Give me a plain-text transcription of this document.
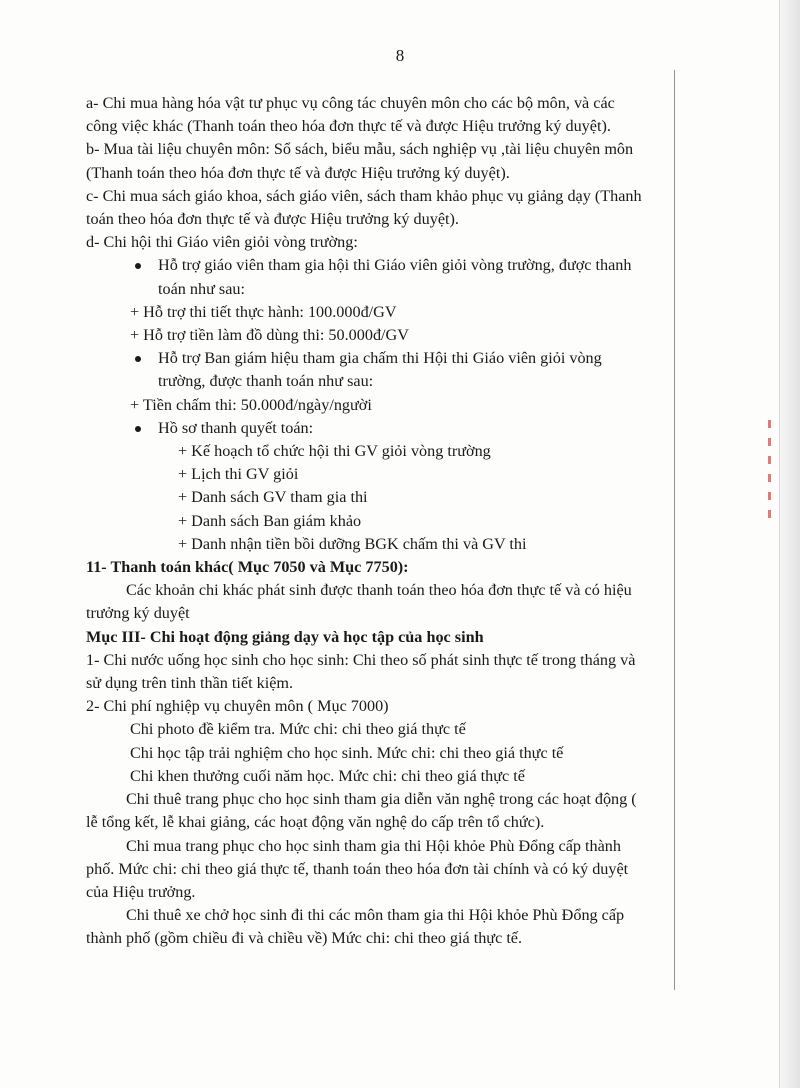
8

a- Chi mua hàng hóa vật tư phục vụ công tác chuyên môn cho các bộ môn, và các

công việc khác (Thanh toán theo hóa đơn thực tế và được Hiệu trưởng ký duyệt).

b- Mua tài liệu chuyên môn: Sổ sách, biểu mẫu, sách nghiệp vụ ,tài liệu chuyên môn

(Thanh toán theo hóa đơn thực tế và được Hiệu trưởng ký duyệt).

c- Chi mua sách giáo khoa, sách giáo viên, sách tham khảo phục vụ giảng dạy (Thanh

toán theo hóa đơn thực tế và được Hiệu trưởng ký duyệt).

d- Chi hội thi Giáo viên giỏi vòng trường:

Hỗ trợ giáo viên tham gia hội thi Giáo viên giỏi vòng trường, được thanh

toán như sau:

+ Hỗ trợ thi tiết thực hành: 100.000đ/GV

+ Hỗ trợ tiền làm đồ dùng thi: 50.000đ/GV

Hỗ trợ Ban giám hiệu tham gia chấm thi Hội thi Giáo viên giỏi vòng

trường, được thanh toán như sau:

+ Tiền chấm thi: 50.000đ/ngày/người

Hồ sơ thanh quyết toán:

+ Kế hoạch tổ chức hội thi GV giỏi vòng trường

+ Lịch thi GV giỏi

+ Danh sách GV tham gia thi

+ Danh sách Ban giám khảo

+ Danh nhận tiền bồi dưỡng BGK chấm thi và GV thi

11- Thanh toán khác( Mục 7050 và Mục 7750):

Các khoản chi khác phát sinh được thanh toán theo hóa đơn thực tế và có hiệu

trưởng ký duyệt

Mục III- Chi hoạt động giảng dạy và học tập của học sinh

1- Chi nước uống học sinh cho học sinh: Chi theo số phát sinh thực tế trong tháng và

sử dụng trên tinh thần tiết kiệm.

2- Chi phí nghiệp vụ chuyên môn ( Mục 7000)

Chi photo đề kiểm tra. Mức chi: chi theo giá thực tế

Chi học tập trải nghiệm cho học sinh. Mức chi: chi theo giá thực tế

Chi khen thưởng cuối năm học. Mức chi: chi theo giá thực tế

Chi thuê trang phục cho học sinh tham gia diễn văn nghệ trong các hoạt động (

lễ tổng kết, lễ khai giảng, các hoạt động văn nghệ do cấp trên tổ chức).

Chi mua trang phục cho học sinh tham gia thi Hội khỏe Phù Đổng cấp thành

phố. Mức chi: chi theo giá thực tế, thanh toán theo hóa đơn tài chính và có ký duyệt

của Hiệu trưởng.

Chi thuê xe chở học sinh đi thi các môn tham gia thi Hội khỏe Phù Đổng cấp

thành phố (gồm chiều đi và chiều về) Mức chi: chi theo giá thực tế.
